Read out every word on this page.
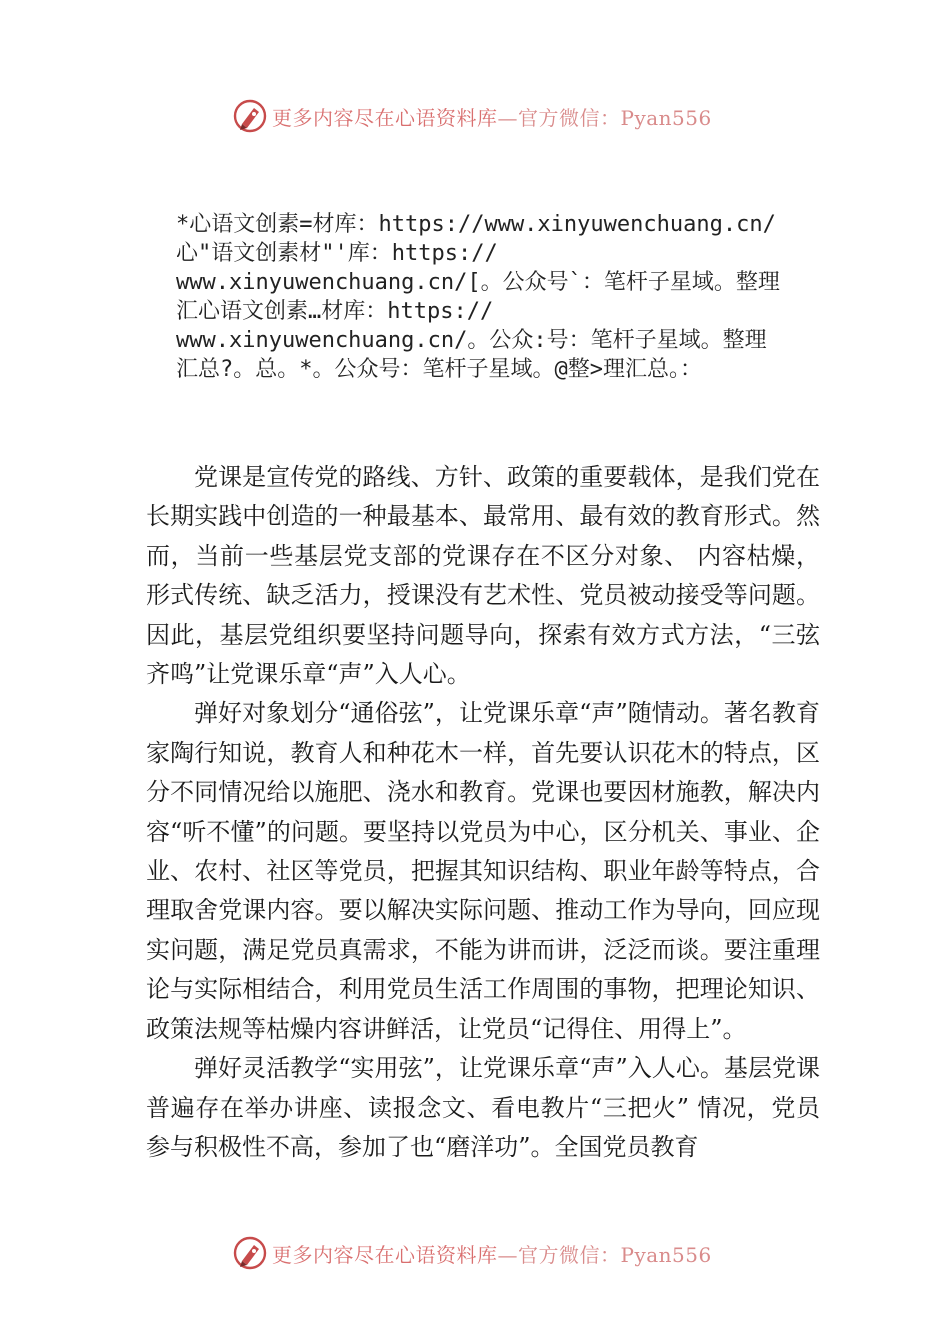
更多内容尽在心语资料库—官方微信：Pyan556
*心语文创素=材库：https://www.xinyuwenchuang.cn/
心"语文创素材"'库：https://
www.xinyuwenchuang.cn/[。公众号`：笔杆子星域。整理
汇心语文创素…材库：https://
www.xinyuwenchuang.cn/。公众:号：笔杆子星域。整理
汇总?。总。*。公众号：笔杆子星域。@整>理汇总。：

党课是宣传党的路线、方针、政策的重要载体，是我们党在长期实践中创造的一种最基本、最常用、最有效的教育形式。然而，当前一些基层党支部的党课存在不区分对象、 内容枯燥，形式传统、缺乏活力，授课没有艺术性、党员被动接受等问题。因此，基层党组织要坚持问题导向，探索有效方式方法，“三弦齐鸣”让党课乐章“声”入人心。

弹好对象划分“通俗弦”，让党课乐章“声”随情动。著名教育家陶行知说，教育人和种花木一样，首先要认识花木的特点，区分不同情况给以施肥、浇水和教育。党课也要因材施教，解决内容“听不懂”的问题。要坚持以党员为中心，区分机关、事业、企业、农村、社区等党员，把握其知识结构、职业年龄等特点，合理取舍党课内容。要以解决实际问题、推动工作为导向，回应现实问题，满足党员真需求，不能为讲而讲，泛泛而谈。要注重理论与实际相结合，利用党员生活工作周围的事物，把理论知识、政策法规等枯燥内容讲鲜活，让党员“记得住、用得上”。

弹好灵活教学“实用弦”，让党课乐章“声”入人心。基层党课普遍存在举办讲座、读报念文、看电教片“三把火” 情况，党员参与积极性不高，参加了也“磨洋功”。全国党员教育

更多内容尽在心语资料库—官方微信：Pyan556
